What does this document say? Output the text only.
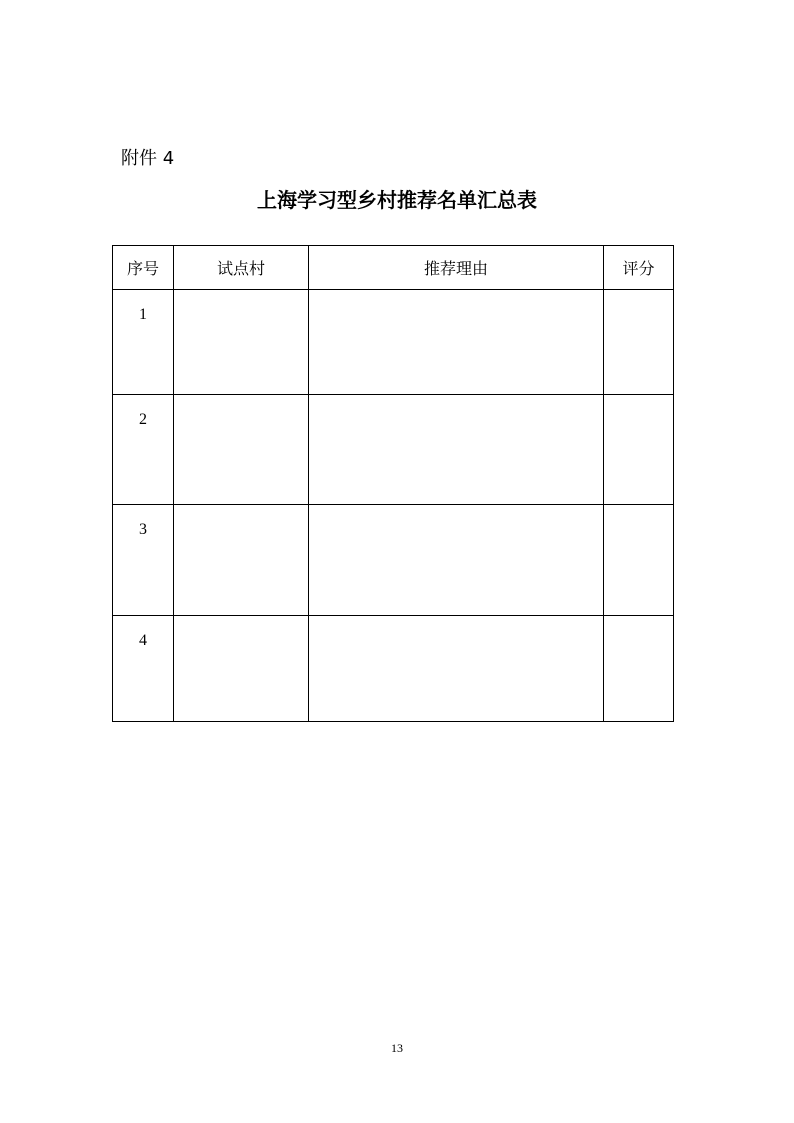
附件 4
上海学习型乡村推荐名单汇总表
序号	试点村	推荐理由	评分
1			
2			
3			
4			
13
